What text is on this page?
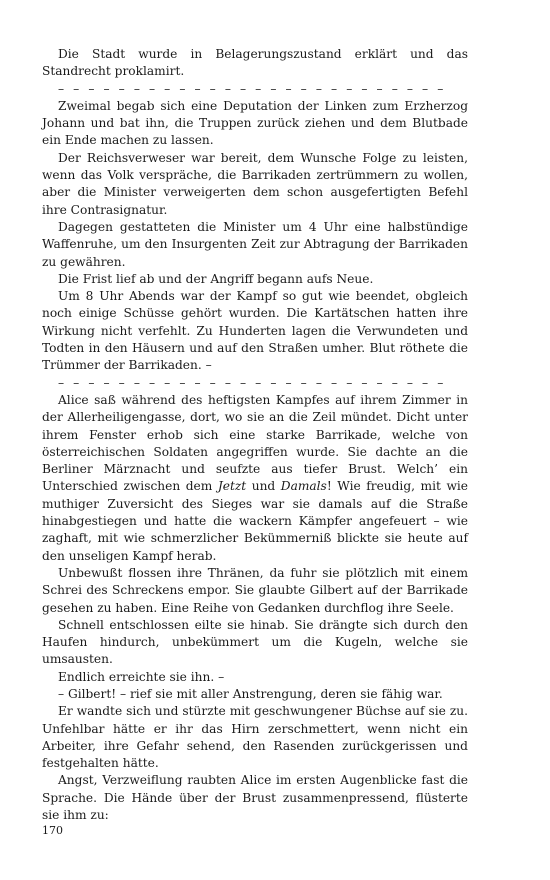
Die Stadt wurde in Belagerungszustand erklärt und das Standrecht proklamirt.

– – – – – – – – – – – – – – – – – – – – – – – – – –

Zweimal begab sich eine Deputation der Linken zum Erzherzog Johann und bat ihn, die Truppen zurück ziehen und dem Blutbade ein Ende machen zu lassen.

Der Reichsverweser war bereit, dem Wunsche Folge zu leisten, wenn das Volk verspräche, die Barrikaden zertrümmern zu wollen, aber die Minister verweigerten dem schon ausgefertigten Befehl ihre Contrasignatur.

Dagegen gestatteten die Minister um 4 Uhr eine halbstündige Waffenruhe, um den Insurgenten Zeit zur Abtragung der Barrikaden zu gewähren.

Die Frist lief ab und der Angriff begann aufs Neue.

Um 8 Uhr Abends war der Kampf so gut wie beendet, obgleich noch einige Schüsse gehört wurden. Die Kartätschen hatten ihre Wirkung nicht verfehlt. Zu Hunderten lagen die Verwundeten und Todten in den Häusern und auf den Straßen umher. Blut röthete die Trümmer der Barrikaden. –

– – – – – – – – – – – – – – – – – – – – – – – – – –

Alice saß während des heftigsten Kampfes auf ihrem Zimmer in der Allerheiligengasse, dort, wo sie an die Zeil mündet. Dicht unter ihrem Fenster erhob sich eine starke Barrikade, welche von österreichischen Soldaten angegriffen wurde. Sie dachte an die Berliner Märznacht und seufzte aus tiefer Brust. Welch’ ein Unterschied zwischen dem Jetzt und Damals! Wie freudig, mit wie muthiger Zuversicht des Sieges war sie damals auf die Straße hinabgestiegen und hatte die wackern Kämpfer angefeuert – wie zaghaft, mit wie schmerzlicher Bekümmerniß blickte sie heute auf den unseligen Kampf herab.

Unbewußt flossen ihre Thränen, da fuhr sie plötzlich mit einem Schrei des Schreckens empor. Sie glaubte Gilbert auf der Barrikade gesehen zu haben. Eine Reihe von Gedanken durchflog ihre Seele.

Schnell entschlossen eilte sie hinab. Sie drängte sich durch den Haufen hindurch, unbekümmert um die Kugeln, welche sie umsausten.

Endlich erreichte sie ihn. –

– Gilbert! – rief sie mit aller Anstrengung, deren sie fähig war.

Er wandte sich und stürzte mit geschwungener Büchse auf sie zu. Unfehlbar hätte er ihr das Hirn zerschmettert, wenn nicht ein Arbeiter, ihre Gefahr sehend, den Rasenden zurückgerissen und festgehalten hätte.

Angst, Verzweiflung raubten Alice im ersten Augenblicke fast die Sprache. Die Hände über der Brust zusammenpressend, flüsterte sie ihm zu:

170
